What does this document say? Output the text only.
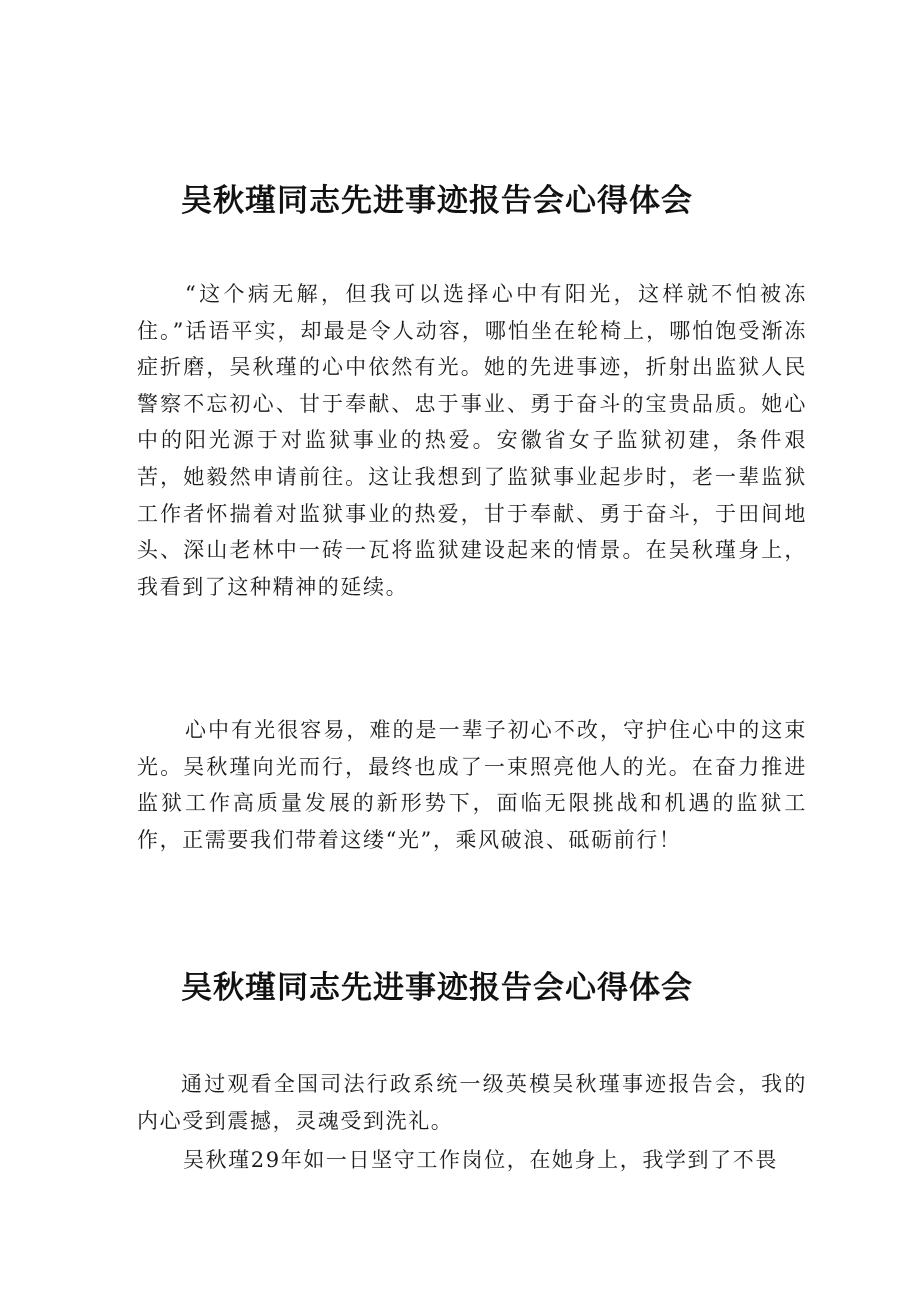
吴秋瑾同志先进事迹报告会心得体会

“这个病无解，但我可以选择心中有阳光，这样就不怕被冻住。”话语平实，却最是令人动容，哪怕坐在轮椅上，哪怕饱受渐冻症折磨，吴秋瑾的心中依然有光。她的先进事迹，折射出监狱人民警察不忘初心、甘于奉献、忠于事业、勇于奋斗的宝贵品质。她心中的阳光源于对监狱事业的热爱。安徽省女子监狱初建，条件艰苦，她毅然申请前往。这让我想到了监狱事业起步时，老一辈监狱工作者怀揣着对监狱事业的热爱，甘于奉献、勇于奋斗，于田间地头、深山老林中一砖一瓦将监狱建设起来的情景。在吴秋瑾身上，我看到了这种精神的延续。

心中有光很容易，难的是一辈子初心不改，守护住心中的这束光。吴秋瑾向光而行，最终也成了一束照亮他人的光。在奋力推进监狱工作高质量发展的新形势下，面临无限挑战和机遇的监狱工作，正需要我们带着这缕“光”，乘风破浪、砥砺前行！

吴秋瑾同志先进事迹报告会心得体会

通过观看全国司法行政系统一级英模吴秋瑾事迹报告会，我的内心受到震撼，灵魂受到洗礼。

吴秋瑾29年如一日坚守工作岗位，在她身上，我学到了不畏
